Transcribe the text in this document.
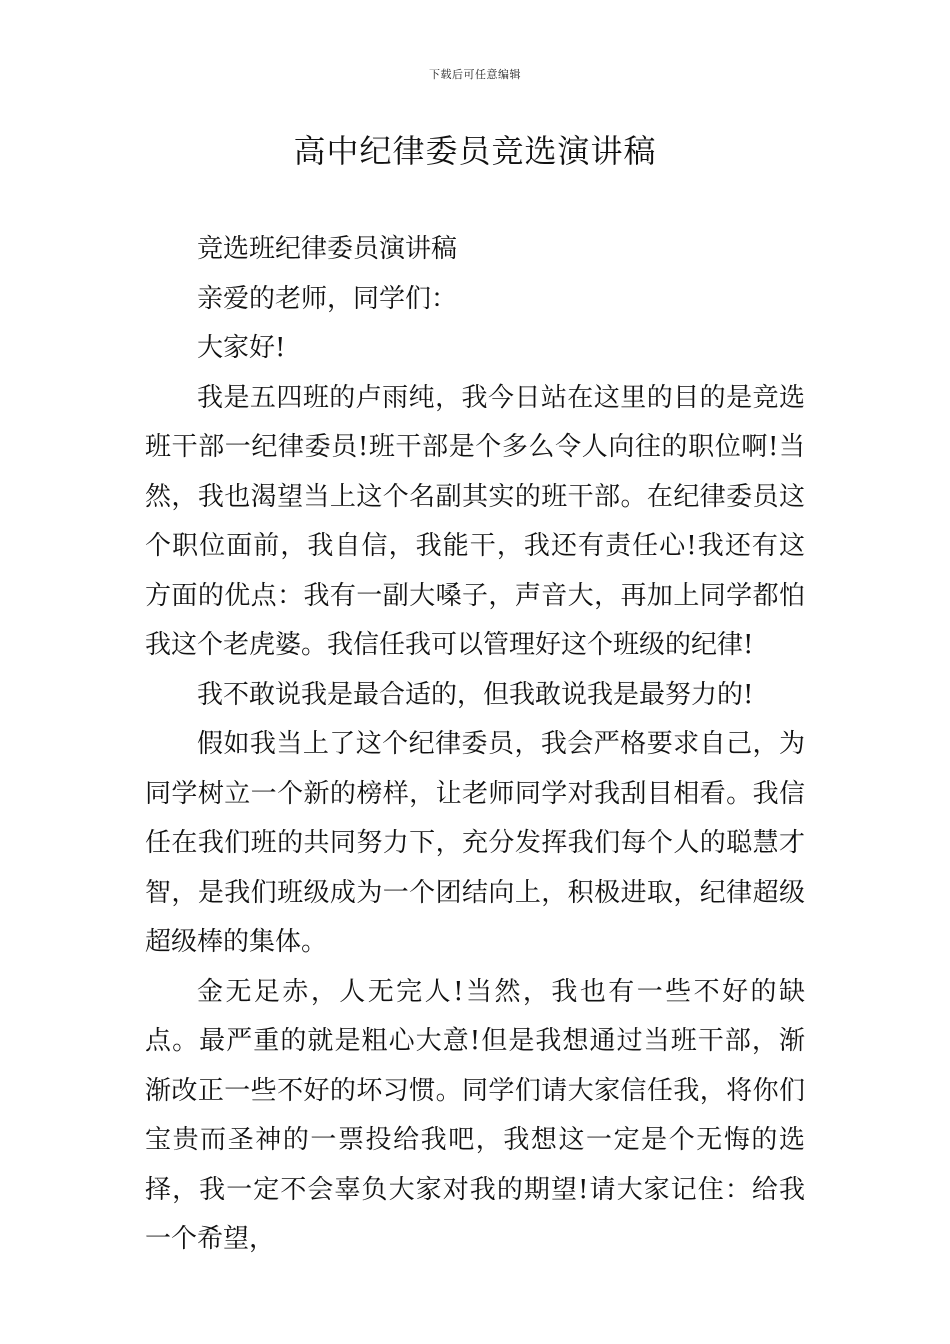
下载后可任意编辑
高中纪律委员竞选演讲稿

竞选班纪律委员演讲稿

亲爱的老师，同学们：

大家好!

我是五四班的卢雨纯，我今日站在这里的目的是竞选班干部一纪律委员!班干部是个多么令人向往的职位啊!当然，我也渴望当上这个名副其实的班干部。在纪律委员这个职位面前，我自信，我能干，我还有责任心!我还有这方面的优点：我有一副大嗓子，声音大，再加上同学都怕我这个老虎婆。我信任我可以管理好这个班级的纪律!

我不敢说我是最合适的，但我敢说我是最努力的!

假如我当上了这个纪律委员，我会严格要求自己，为同学树立一个新的榜样，让老师同学对我刮目相看。我信任在我们班的共同努力下，充分发挥我们每个人的聪慧才智，是我们班级成为一个团结向上，积极进取，纪律超级超级棒的集体。

金无足赤，人无完人!当然，我也有一些不好的缺点。最严重的就是粗心大意!但是我想通过当班干部，渐渐改正一些不好的坏习惯。同学们请大家信任我，将你们宝贵而圣神的一票投给我吧，我想这一定是个无悔的选择，我一定不会辜负大家对我的期望!请大家记住：给我一个希望，
